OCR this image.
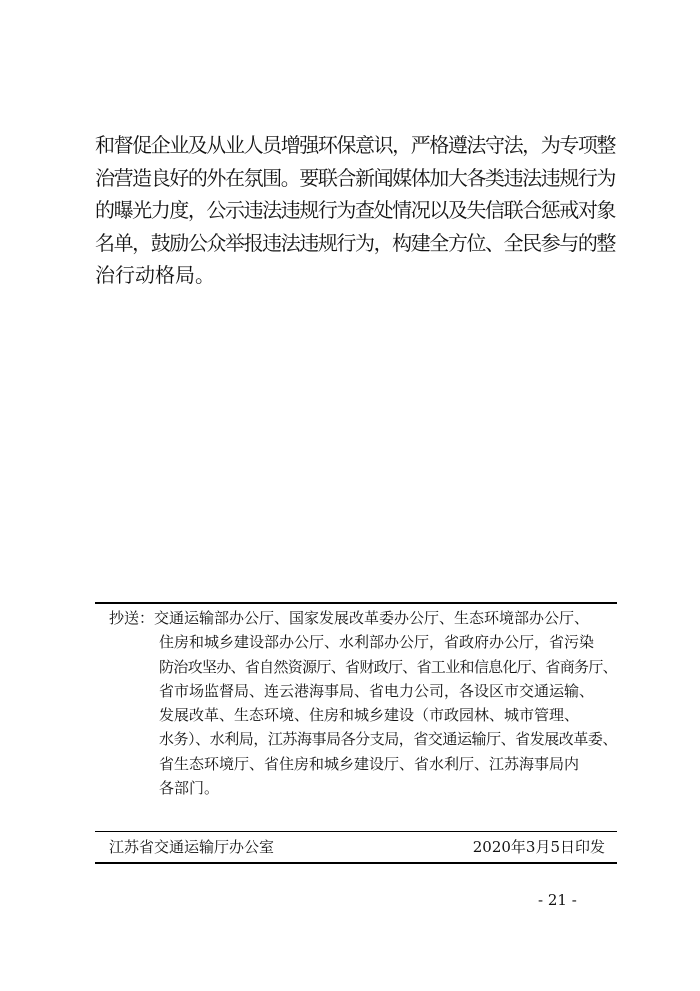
和督促企业及从业人员增强环保意识，严格遵法守法，为专项整
治营造良好的外在氛围。要联合新闻媒体加大各类违法违规行为
的曝光力度，公示违法违规行为查处情况以及失信联合惩戒对象
名单，鼓励公众举报违法违规行为，构建全方位、全民参与的整
治行动格局。
抄送：交通运输部办公厅、国家发展改革委办公厅、生态环境部办公厅、
住房和城乡建设部办公厅、水利部办公厅，省政府办公厅，省污染
防治攻坚办、省自然资源厅、省财政厅、省工业和信息化厅、省商务厅、
省市场监督局、连云港海事局、省电力公司，各设区市交通运输、
发展改革、生态环境、住房和城乡建设（市政园林、城市管理、
水务）、水利局，江苏海事局各分支局，省交通运输厅、省发展改革委、
省生态环境厅、省住房和城乡建设厅、省水利厅、江苏海事局内
各部门。
江苏省交通运输厅办公室	2020年3月5日印发
- 21 -
